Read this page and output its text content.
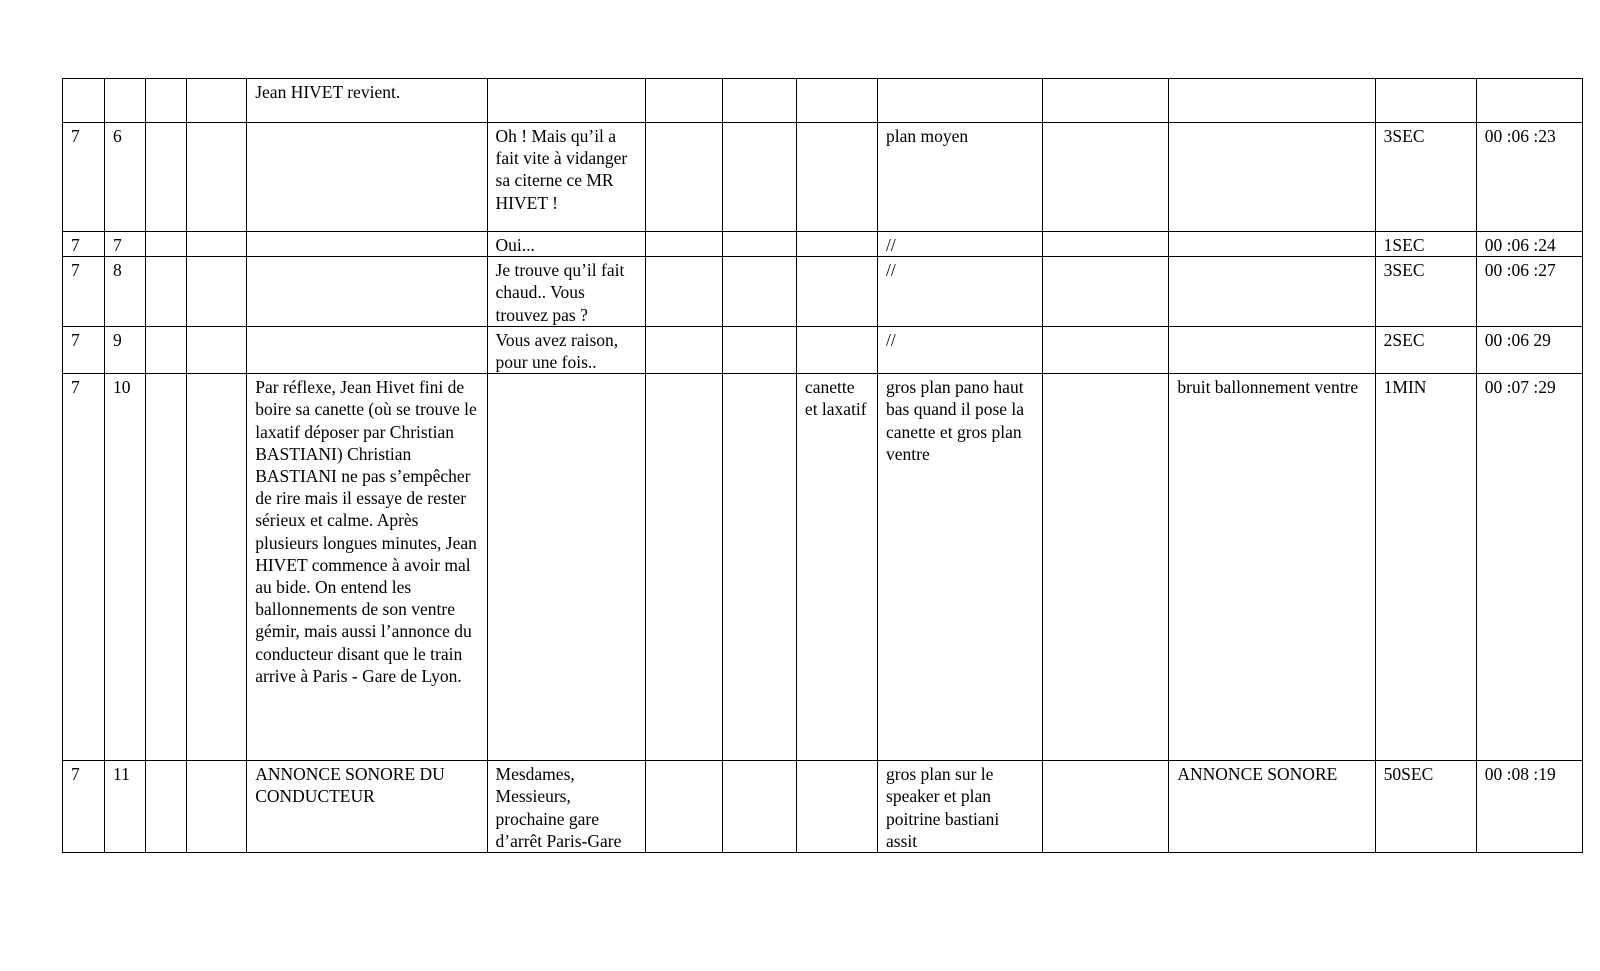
				Jean HIVET revient.									
7	6				Oh ! Mais qu’il a fait vite à vidanger sa citerne ce MR HIVET !				plan moyen			3SEC	00 :06 :23
7	7				Oui...				//			1SEC	00 :06 :24
7	8				Je trouve qu’il fait chaud.. Vous trouvez pas ?				//			3SEC	00 :06 :27
7	9				Vous avez raison, pour une fois..				//			2SEC	00 :06 29
7	10			Par réflexe, Jean Hivet fini de boire sa canette (où se trouve le laxatif déposer par Christian BASTIANI) Christian BASTIANI ne pas s’empêcher de rire mais il essaye de rester sérieux et calme. Après plusieurs longues minutes, Jean HIVET commence à avoir mal au bide. On entend les ballonnements de son ventre gémir, mais aussi l’annonce du conducteur disant que le train arrive à Paris - Gare de Lyon.				canette et laxatif	gros plan pano haut bas quand il pose la canette et gros plan ventre		bruit ballonnement ventre	1MIN	00 :07 :29
7	11			ANNONCE SONORE DU CONDUCTEUR	Mesdames, Messieurs, prochaine gare d’arrêt Paris-Gare				gros plan sur le speaker et plan poitrine bastiani assit		ANNONCE SONORE	50SEC	00 :08 :19
